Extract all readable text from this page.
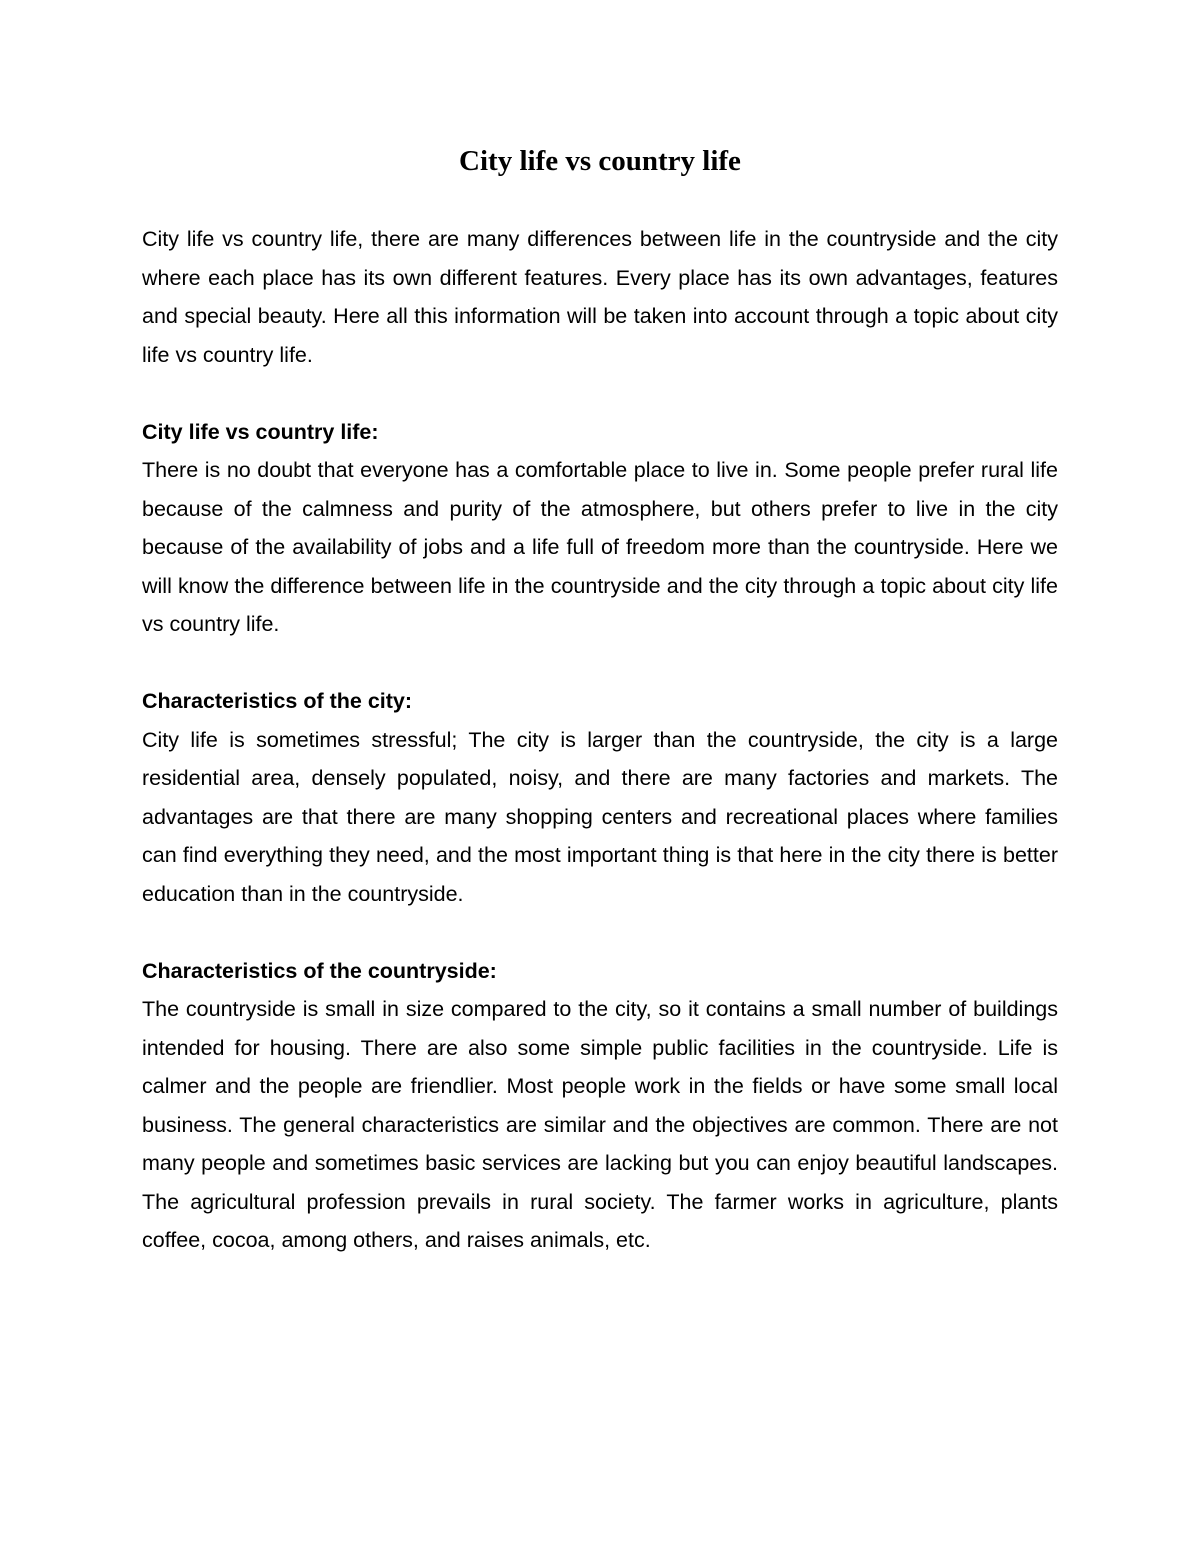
City life vs country life

City life vs country life, there are many differences between life in the countryside and the city where each place has its own different features. Every place has its own advantages, features and special beauty. Here all this information will be taken into account through a topic about city life vs country life.

City life vs country life:

There is no doubt that everyone has a comfortable place to live in. Some people prefer rural life because of the calmness and purity of the atmosphere, but others prefer to live in the city because of the availability of jobs and a life full of freedom more than the countryside. Here we will know the difference between life in the countryside and the city through a topic about city life vs country life.

Characteristics of the city:

City life is sometimes stressful; The city is larger than the countryside, the city is a large residential area, densely populated, noisy, and there are many factories and markets. The advantages are that there are many shopping centers and recreational places where families can find everything they need, and the most important thing is that here in the city there is better education than in the countryside.

Characteristics of the countryside:

The countryside is small in size compared to the city, so it contains a small number of buildings intended for housing. There are also some simple public facilities in the countryside. Life is calmer and the people are friendlier. Most people work in the fields or have some small local business. The general characteristics are similar and the objectives are common. There are not many people and sometimes basic services are lacking but you can enjoy beautiful landscapes. The agricultural profession prevails in rural society. The farmer works in agriculture, plants coffee, cocoa, among others, and raises animals, etc.
